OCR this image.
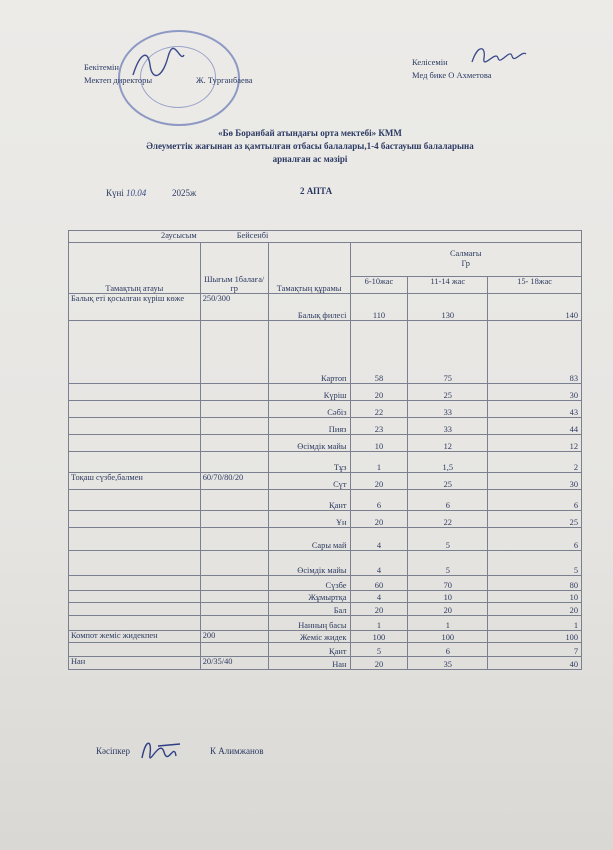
Бекітемін
Мектеп директоры	Ж. Турганбаева
Келісемін
Мед бике О Ахметова
«Бө Боранбай атындағы орта мектебі» КММ
Әлеуметтік жағынан аз қамтылған отбасы балалары,1-4 бастауыш балаларына
арналған ас мәзірі
Күні 10.04	2025ж	2 АПТА
2аусысым Бейсенбі					
Тамақтың атауы	Шығым 1балаға/гр	Тамақтың құрамы	Салмағы
Гр		

			6-10жас	11-14 жас	15- 18жас
Балық еті қосылған күріш көже	250/300	Балық филесі	110	130	140
		Картоп	58	75	83
		Күріш	20	25	30
		Сәбіз	22	33	43
		Пияз	23	33	44
		Өсімдік майы	10	12	12
		Тұз	1	1,5	2
Тоқаш сүзбе,балмен	60/70/80/20	Сүт	20	25	30
		Қант	6	6	6
		Ұн	20	22	25
		Сары май	4	5	6
		Өсімдік майы	4	5	5
		Сүзбе	60	70	80
		Жұмыртқа	4	10	10
		Бал	20	20	20
		Нанның басы	1	1	1
Компот жеміс жидекпен	200	Жеміс жидек	100	100	100
		Қант	5	6	7
Нан	20/35/40	Нан	20	35	40
Кәсіпкер	К Алимжанов
